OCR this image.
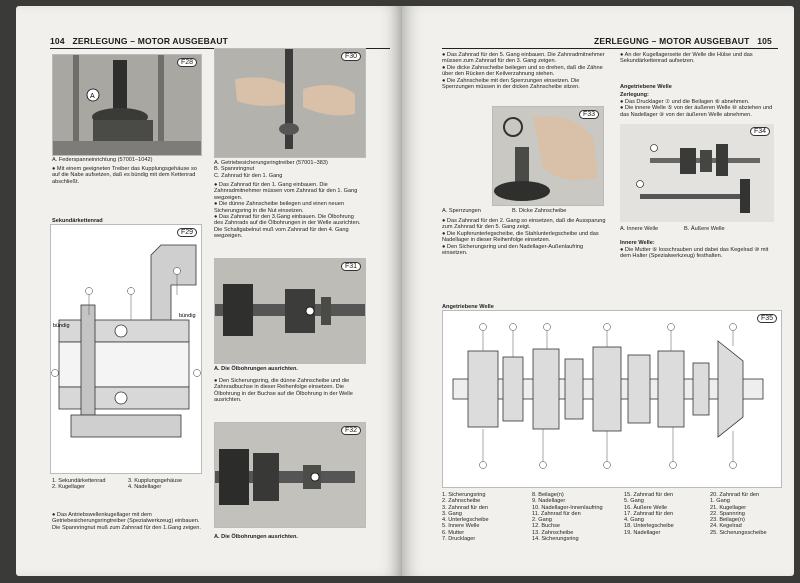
104 ZERLEGUNG – MOTOR AUSGEBAUT
A
F28
A. Federspanneinrichtung (57001–1042)
● Mit einem geeigneten Treiber das Kupplungsgehäuse so auf die Nabe aufsetzen, daß es bündig mit dem Kettenrad abschließt.
Sekundärkettenrad
bündig
bündig
F29
1. Sekundärkettenrad
2. Kugellager
3. Kupplungsgehäuse
4. Nadellager
● Das Antriebswellenkugellager mit dem Getriebesicherungsringtreiber (Spezialwerkzeug) einbauen. Die Spannringnut muß zum Zahnrad für den 1.Gang zeigen.
F30
A. Getriebesicherungsringtreiber (57001–383)
B. Spannringnut
C. Zahnrad für den 1. Gang
● Das Zahnrad für den 1. Gang einbauen. Die Zahnradmitnehmer müssen vom Zahnrad für den 1. Gang wegzeigen.
● Die dünne Zahnscheibe beilegen und einen neuen Sicherungsring in die Nut einsetzen.
● Das Zahnrad für den 3.Gang einbauen. Die Ölbohrung des Zahnrads auf die Ölbohrungen in der Welle ausrichten. Die Schaltgabelnut muß vom Zahnrad für den 4. Gang wegzeigen.
F31
A. Die Ölbohrungen ausrichten.
● Den Sicherungsring, die dünne Zahnscheibe und die Zahnradbuchse in dieser Reihenfolge einsetzen. Die Ölbohrung in der Buchse auf die Ölbohrung in der Welle ausrichten.
F32
A. Die Ölbohrungen ausrichten.
ZERLEGUNG – MOTOR AUSGEBAUT 105
● Das Zahnrad für den 5. Gang einbauen. Die Zahnradmitnehmer müssen zum Zahnrad für den 3. Gang zeigen.
● Die dicke Zahnscheibe beilegen und so drehen, daß die Zähne über den Rücken der Keilverzahnung stehen.
● Die Zahnscheibe mit den Sperrzungen einsetzen. Die Sperrzungen müssen in der dicken Zahnscheibe sitzen.
F33
A. Sperrzungen	B. Dicke Zahnscheibe
● Das Zahnrad für den 2. Gang so einsetzen, daß die Aussparung zum Zahnrad für den 5. Gang zeigt.
● Die Kupferunterlegscheibe, die Stahlunterlegscheibe und das Nadellager in dieser Reihenfolge einsetzen.
● Den Sicherungsring und den Nadellager-Außenlaufring einsetzen.
● An der Kugellagerseite der Welle die Hülse und das Sekundärkettenrad aufsetzen.
Angetriebene Welle
Zerlegung:
● Das Drucklager ⑦ und die Beilagen ⑧ abnehmen.
● Die innere Welle ⑤ von der äußeren Welle ⑩ abziehen und das Nadellager ⑨ von der äußeren Welle abnehmen.
F34
A. Innere Welle	B. Äußere Welle
Innere Welle:
● Die Mutter ⑥ losschrauben und dabei das Kegelrad ⑩ mit dem Halter (Spezialwerkzeug) festhalten.
Angetriebene Welle
F35
1. Sicherungsring
2. Zahnscheibe
3. Zahnrad für den
3. Gang
4. Unterlegscheibe
5. Innere Welle
6. Mutter
7. Drucklager
8. Beilage(n)
9. Nadellager
10. Nadellager-Innenlaufring
11. Zahnrad für den
2. Gang
12. Buchse
13. Zahnscheibe
14. Sicherungsring
15. Zahnrad für den
5. Gang
16. Äußere Welle
17. Zahnrad für den
4. Gang
18. Unterlegscheibe
19. Nadellager
20. Zahnrad für den
1. Gang
21. Kugellager
22. Spannring
23. Beilage(n)
24. Kegelrad
25. Sicherungsscheibe
